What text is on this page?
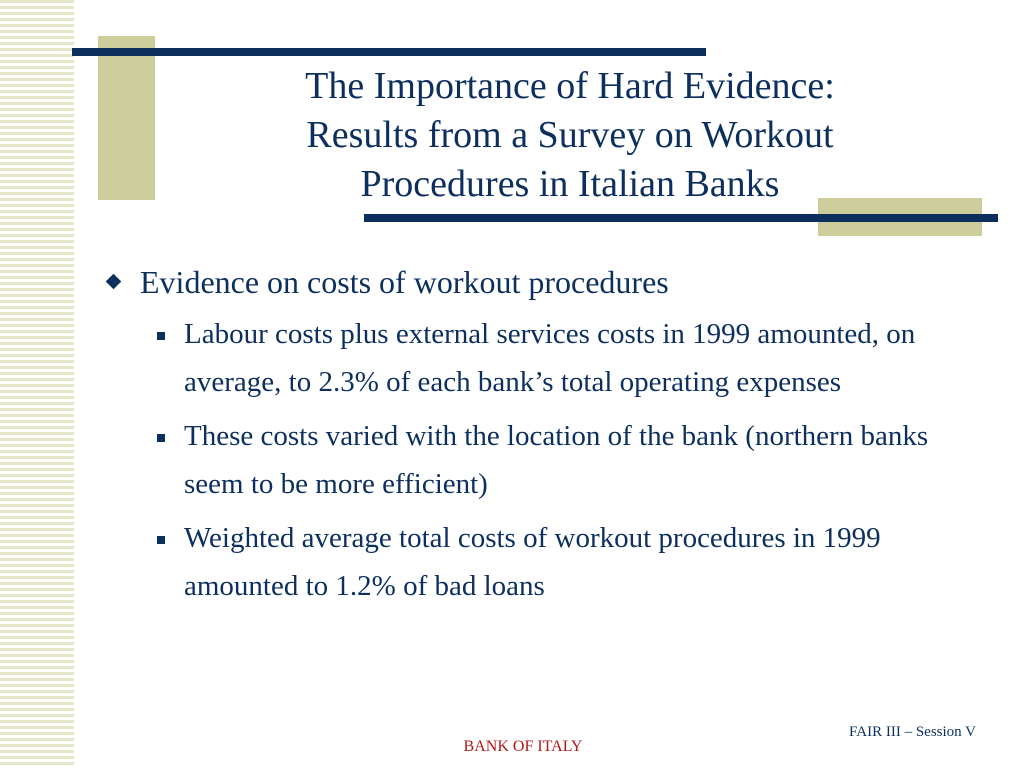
The Importance of Hard Evidence:
Results from a Survey on Workout
Procedures in Italian Banks
Evidence on costs of workout procedures
Labour costs plus external services costs in 1999 amounted, on average, to 2.3% of each bank’s total operating expenses
These costs varied with the location of the bank (northern banks seem to be more efficient)
Weighted average total costs of workout procedures in 1999 amounted to 1.2% of bad loans
FAIR III – Session V
BANK OF ITALY
